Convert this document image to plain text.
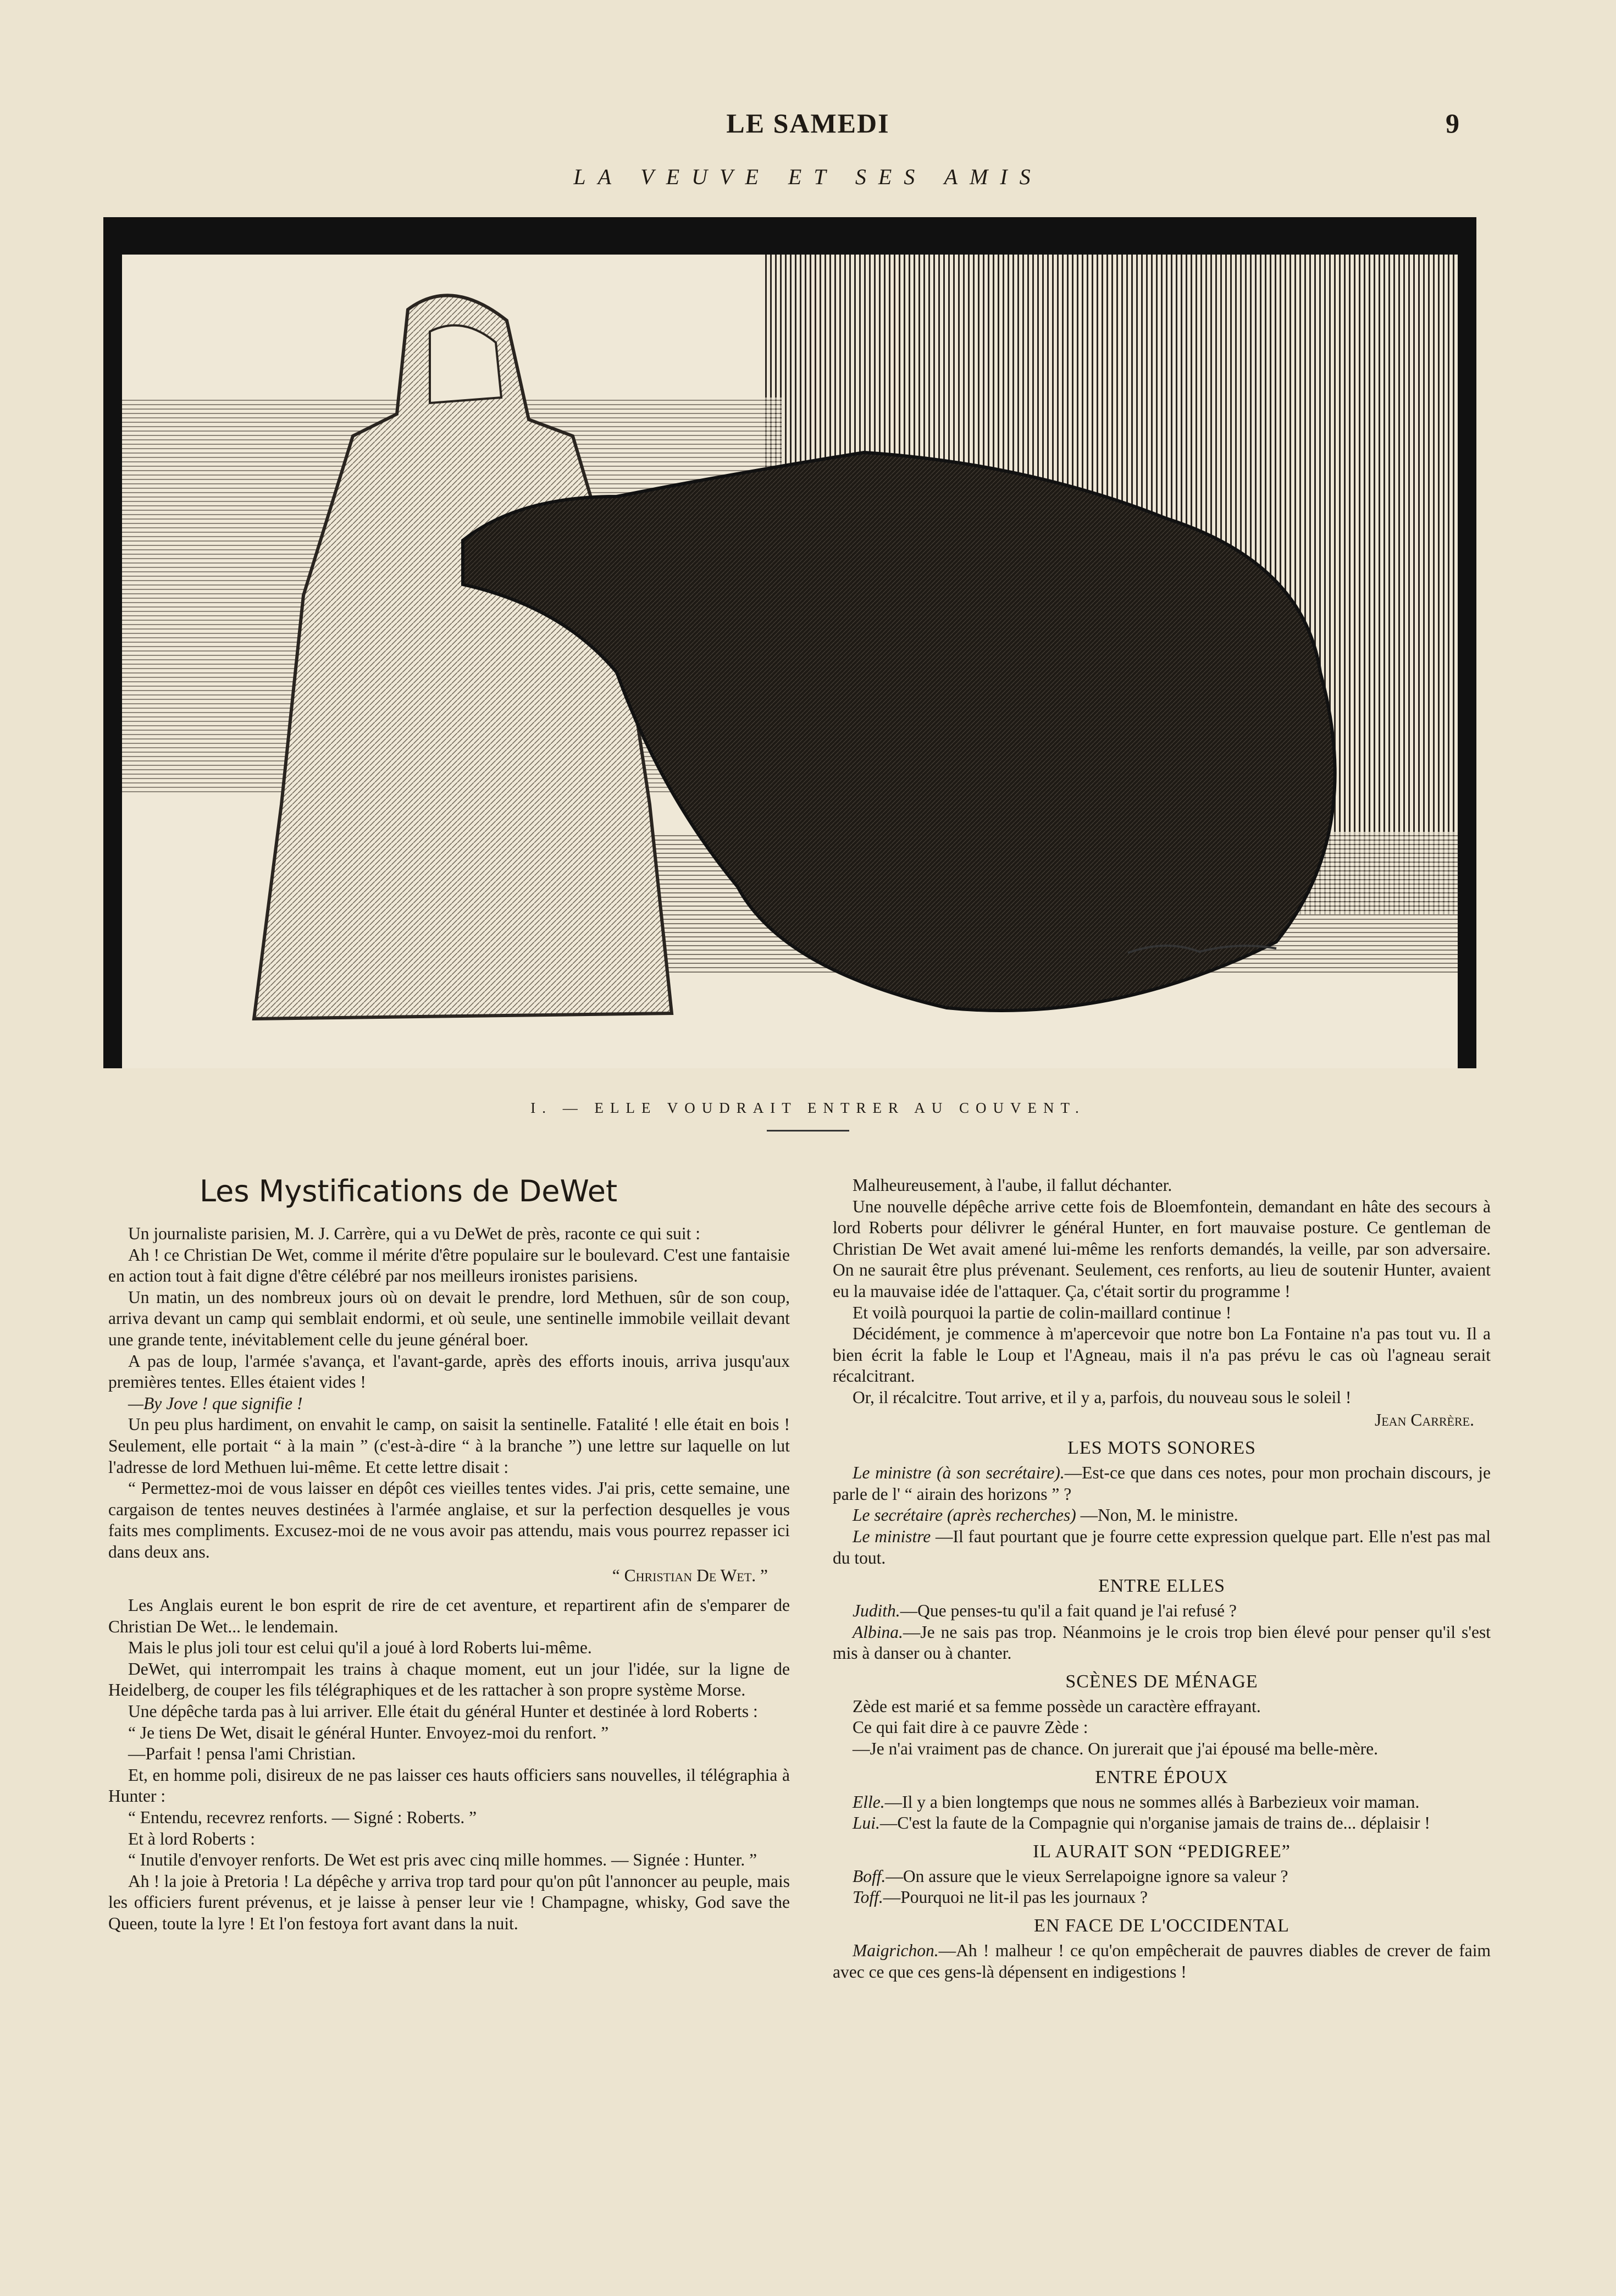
LE SAMEDI	9
LA VEUVE ET SES AMIS
I. — ELLE VOUDRAIT ENTRER AU COUVENT.
Les Mystifications de DeWet

Un journaliste parisien, M. J. Carrère, qui a vu DeWet de près, raconte ce qui suit :

Ah ! ce Christian De Wet, comme il mérite d'être populaire sur le boulevard. C'est une fantaisie en action tout à fait digne d'être célébré par nos meilleurs ironistes parisiens.

Un matin, un des nombreux jours où on devait le prendre, lord Methuen, sûr de son coup, arriva devant un camp qui semblait endormi, et où seule, une sentinelle immobile veillait devant une grande tente, inévitablement celle du jeune général boer.

A pas de loup, l'armée s'avança, et l'avant-garde, après des efforts inouis, arriva jusqu'aux premières tentes. Elles étaient vides !

—By Jove ! que signifie !

Un peu plus hardiment, on envahit le camp, on saisit la sentinelle. Fatalité ! elle était en bois ! Seulement, elle portait “ à la main ” (c'est-à-dire “ à la branche ”) une lettre sur laquelle on lut l'adresse de lord Methuen lui-même. Et cette lettre disait :

“ Permettez-moi de vous laisser en dépôt ces vieilles tentes vides. J'ai pris, cette semaine, une cargaison de tentes neuves destinées à l'armée anglaise, et sur la perfection desquelles je vous faits mes compliments. Excusez-moi de ne vous avoir pas attendu, mais vous pourrez repasser ici dans deux ans.

“ Christian De Wet. ”

Les Anglais eurent le bon esprit de rire de cet aventure, et repartirent afin de s'emparer de Christian De Wet... le lendemain.

Mais le plus joli tour est celui qu'il a joué à lord Roberts lui-même.

DeWet, qui interrompait les trains à chaque moment, eut un jour l'idée, sur la ligne de Heidelberg, de couper les fils télégraphiques et de les rattacher à son propre système Morse.

Une dépêche tarda pas à lui arriver. Elle était du général Hunter et destinée à lord Roberts :

“ Je tiens De Wet, disait le général Hunter. Envoyez-moi du renfort. ”

—Parfait ! pensa l'ami Christian.

Et, en homme poli, disireux de ne pas laisser ces hauts officiers sans nouvelles, il télégraphia à Hunter :

“ Entendu, recevrez renforts. — Signé : Roberts. ”

Et à lord Roberts :

“ Inutile d'envoyer renforts. De Wet est pris avec cinq mille hommes. — Signée : Hunter. ”

Ah ! la joie à Pretoria ! La dépêche y arriva trop tard pour qu'on pût l'annoncer au peuple, mais les officiers furent prévenus, et je laisse à penser leur vie ! Champagne, whisky, God save the Queen, toute la lyre ! Et l'on festoya fort avant dans la nuit.

Malheureusement, à l'aube, il fallut déchanter.

Une nouvelle dépêche arrive cette fois de Bloemfontein, demandant en hâte des secours à lord Roberts pour délivrer le général Hunter, en fort mauvaise posture. Ce gentleman de Christian De Wet avait amené lui-même les renforts demandés, la veille, par son adversaire. On ne saurait être plus prévenant. Seulement, ces renforts, au lieu de soutenir Hunter, avaient eu la mauvaise idée de l'attaquer. Ça, c'était sortir du programme !

Et voilà pourquoi la partie de colin-maillard continue !

Décidément, je commence à m'apercevoir que notre bon La Fontaine n'a pas tout vu. Il a bien écrit la fable le Loup et l'Agneau, mais il n'a pas prévu le cas où l'agneau serait récalcitrant.

Or, il récalcitre. Tout arrive, et il y a, parfois, du nouveau sous le soleil !

Jean Carrère.
LES MOTS SONORES

Le ministre (à son secrétaire).—Est-ce que dans ces notes, pour mon prochain discours, je parle de l' “ airain des horizons ” ?

Le secrétaire (après recherches) —Non, M. le ministre.

Le ministre —Il faut pourtant que je fourre cette expression quelque part. Elle n'est pas mal du tout.

ENTRE ELLES

Judith.—Que penses-tu qu'il a fait quand je l'ai refusé ?

Albina.—Je ne sais pas trop. Néanmoins je le crois trop bien élevé pour penser qu'il s'est mis à danser ou à chanter.

SCÈNES DE MÉNAGE

Zède est marié et sa femme possède un caractère effrayant.

Ce qui fait dire à ce pauvre Zède :

—Je n'ai vraiment pas de chance. On jurerait que j'ai épousé ma belle-mère.

ENTRE ÉPOUX

Elle.—Il y a bien longtemps que nous ne sommes allés à Barbezieux voir maman.

Lui.—C'est la faute de la Compagnie qui n'organise jamais de trains de... déplaisir !

IL AURAIT SON “PEDIGREE”

Boff.—On assure que le vieux Serrelapoigne ignore sa valeur ?

Toff.—Pourquoi ne lit-il pas les journaux ?

EN FACE DE L'OCCIDENTAL

Maigrichon.—Ah ! malheur ! ce qu'on empêcherait de pauvres diables de crever de faim avec ce que ces gens-là dépensent en indigestions !
